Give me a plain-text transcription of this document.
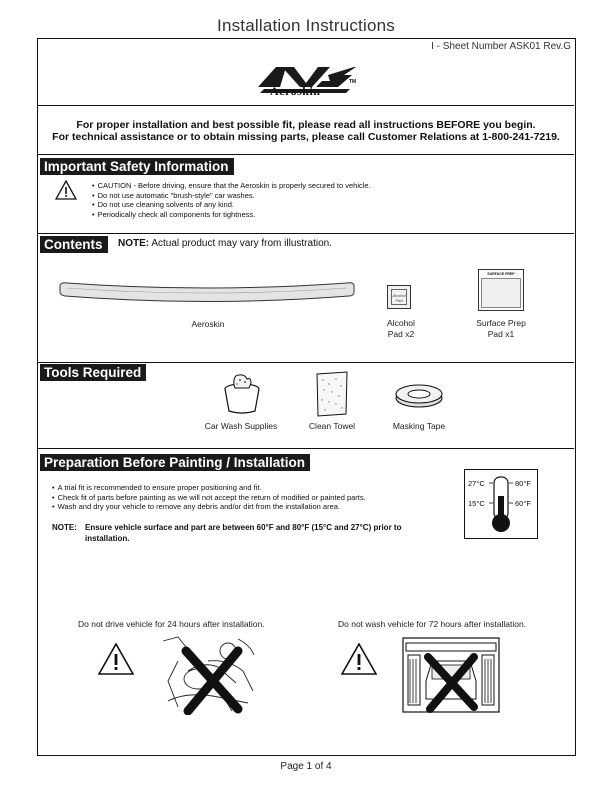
Installation Instructions
I - Sheet Number ASK01 Rev.G
Aeroskin
TM
For proper installation and best possible fit, please read all instructions BEFORE you begin.
For technical assistance or to obtain missing parts, please call Customer Relations at 1-800-241-7219.
Important Safety Information
• CAUTION - Before driving, ensure that the Aeroskin is properly secured to vehicle.
• Do not use automatic "brush-style" car washes.
• Do not use cleaning solvents of any kind.
• Periodically check all components for tightness.
Contents	NOTE: Actual product may vary from illustration.
Aeroskin
Alcohol
Pad
Alcohol
Pad x2
SURFACE PREP
Surface Prep
Pad x1
Tools Required
Car Wash Supplies	Clean Towel	Masking Tape
Preparation Before Painting / Installation
• A trial fit is recommended to ensure proper positioning and fit.
• Check fit of parts before painting as we will not accept the return of modified or painted parts.
• Wash and dry your vehicle to remove any debris and/or dirt from the installation area.
NOTE: Ensure vehicle surface and part are between 60°F and 80°F (15°C and 27°C) prior to
installation.
27°C	80°F
15°C	60°F
Do not drive vehicle for 24 hours after installation.	Do not wash vehicle for 72 hours after installation.
Page 1 of 4
